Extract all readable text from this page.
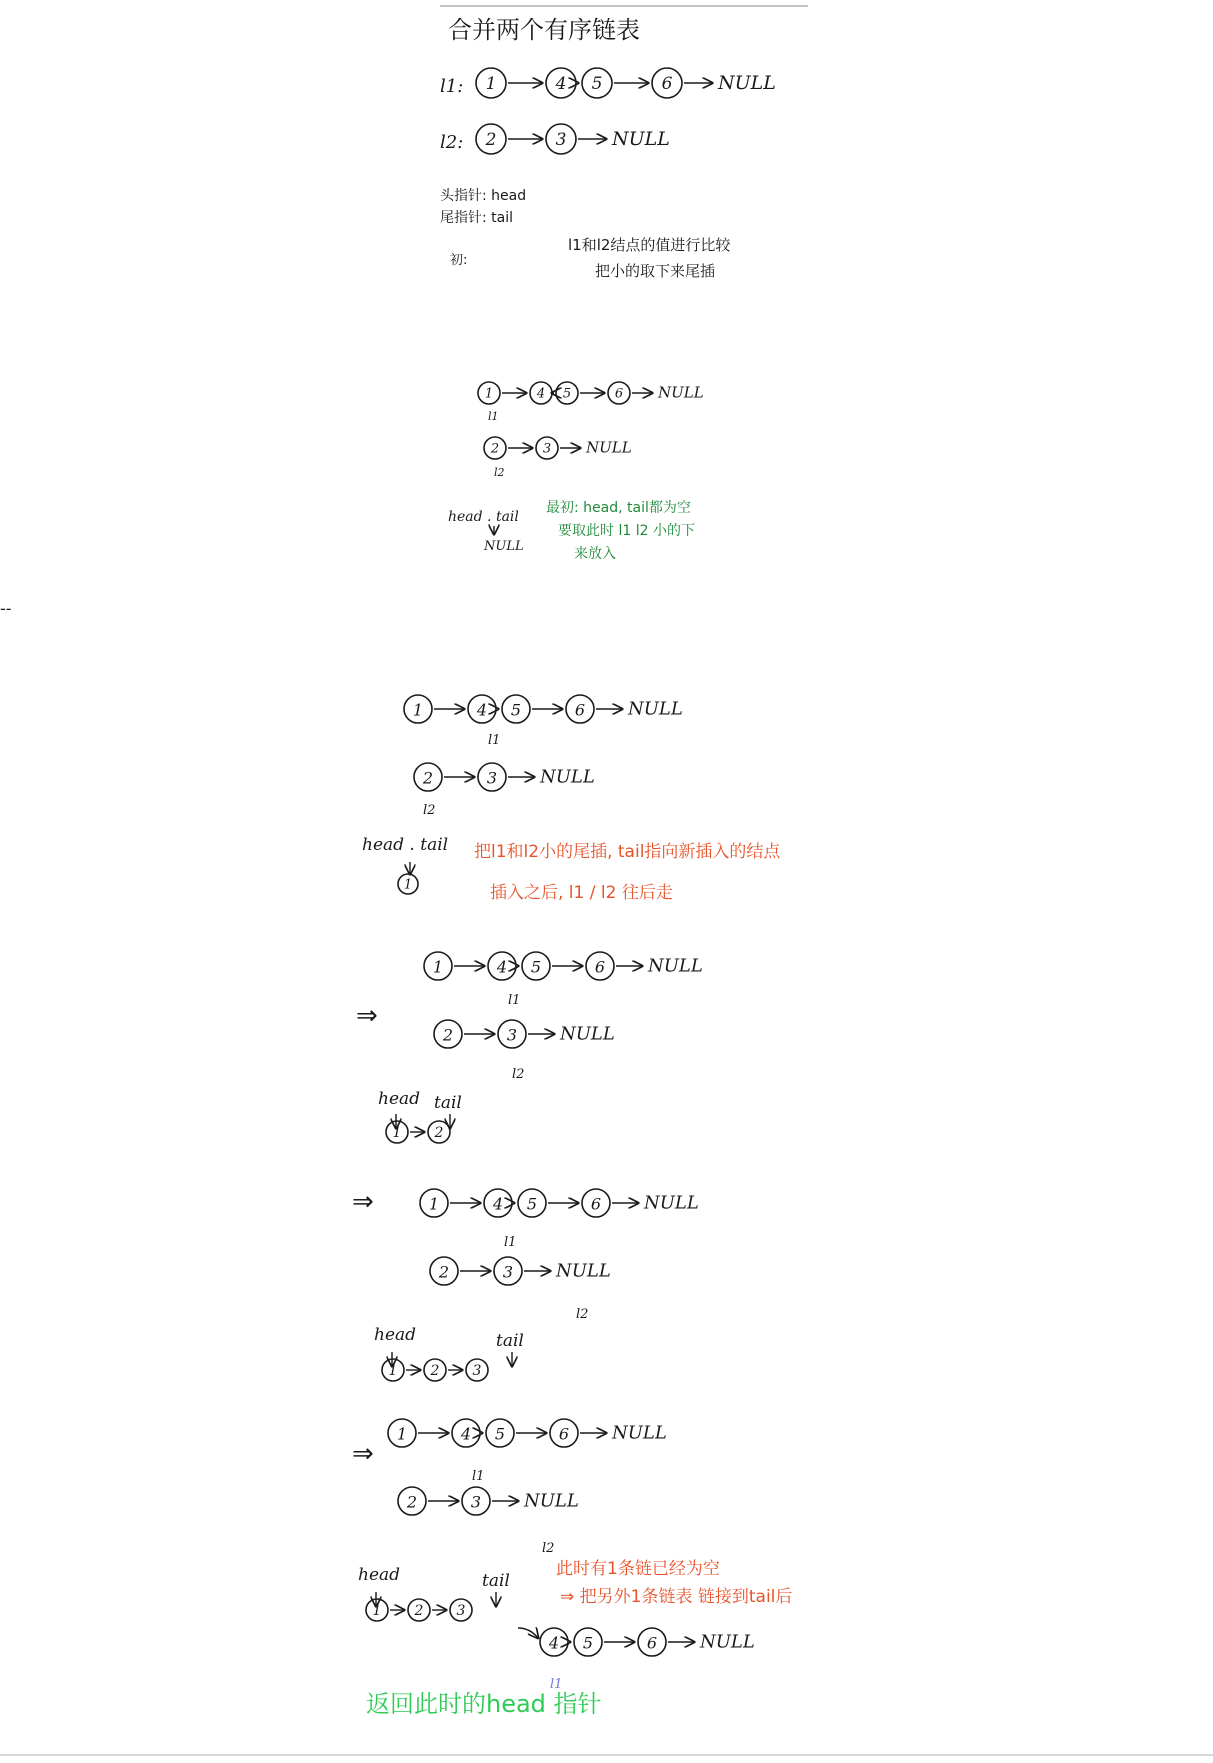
合并两个有序链表
l1: 1	4 5	6 NULL
l2: 2	3 NULL
头指针: head
尾指针: tail
初:
l1和l2结点的值进行比较
把小的取下来尾插
1	4 5	6 NULL
l1
2	3 NULL
l2
head . tail
NULL
最初: head, tail都为空
要取此时 l1 l2 小的下
来放入
--
1	4 5	6 NULL
l1
2	3 NULL
l2
head . tail
1
把l1和l2小的尾插, tail指向新插入的结点
插入之后, l1 / l2 往后走
⇒
1	4 5	6 NULL
l1
2	3 NULL
l2
head tail
1 2
⇒	1	4 5	6 NULL
l1
2	3 NULL
l2
head	tail
1 2 3
⇒
1	4 5	6 NULL
l1
2	3 NULL
l2
head	tail
1 2 3
4 5	6 NULL
l1
此时有1条链已经为空
⇒ 把另外1条链表 链接到tail后
返回此时的head 指针
